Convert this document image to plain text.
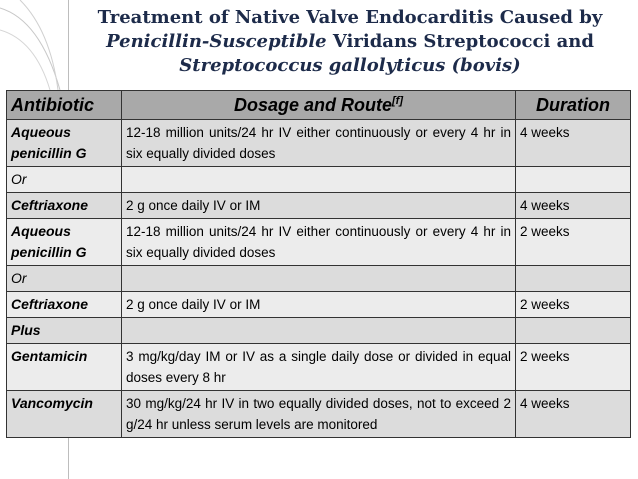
Treatment of Native Valve Endocarditis Caused by
Penicillin-Susceptible Viridans Streptococci and
Streptococcus gallolyticus (bovis)
Antibiotic	Dosage and Route[f]	Duration
Aqueous penicillin G	12-18 million units/24 hr IV either continuously or every 4 hr in six equally divided doses	4 weeks
Or		
Ceftriaxone	2 g once daily IV or IM	4 weeks
Aqueous penicillin G	12-18 million units/24 hr IV either continuously or every 4 hr in six equally divided doses	2 weeks
Or		
Ceftriaxone	2 g once daily IV or IM	2 weeks
Plus		
Gentamicin	3 mg/kg/day IM or IV as a single daily dose or divided in equal doses every 8 hr	2 weeks
Vancomycin	30 mg/kg/24 hr IV in two equally divided doses, not to exceed 2 g/24 hr unless serum levels are monitored	4 weeks
